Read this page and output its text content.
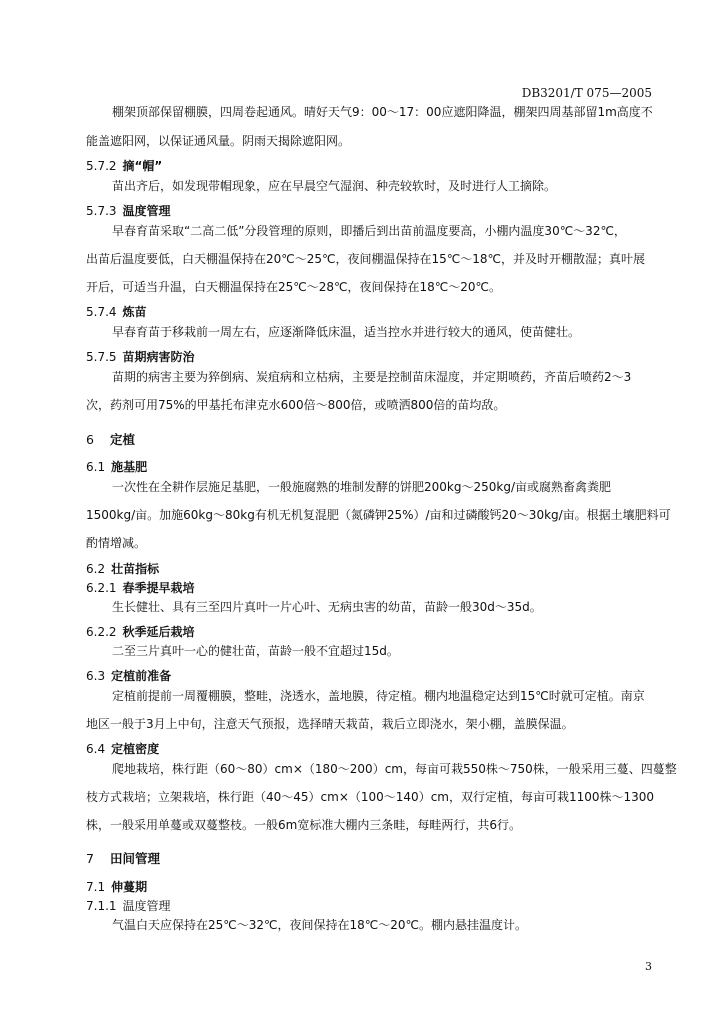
DB3201/T 075—2005
棚架顶部保留棚膜，四周卷起通风。晴好天气9：00～17：00应遮阳降温，棚架四周基部留1m高度不
能盖遮阳网，以保证通风量。阴雨天揭除遮阳网。
5.7.2 摘“帽”
苗出齐后，如发现带帽现象，应在早晨空气湿润、种壳较软时，及时进行人工摘除。
5.7.3 温度管理
早春育苗采取“二高二低”分段管理的原则，即播后到出苗前温度要高，小棚内温度30℃～32℃，
出苗后温度要低，白天棚温保持在20℃～25℃，夜间棚温保持在15℃～18℃，并及时开棚散湿；真叶展
开后，可适当升温，白天棚温保持在25℃～28℃，夜间保持在18℃～20℃。
5.7.4 炼苗
早春育苗于移栽前一周左右，应逐渐降低床温，适当控水并进行较大的通风，使苗健壮。
5.7.5 苗期病害防治
苗期的病害主要为猝倒病、炭疽病和立枯病，主要是控制苗床湿度，并定期喷药，齐苗后喷药2～3
次，药剂可用75%的甲基托布津克水600倍～800倍，或喷洒800倍的苗均敌。
6 定植
6.1 施基肥
一次性在全耕作层施足基肥，一般施腐熟的堆制发酵的饼肥200kg～250kg/亩或腐熟畜禽粪肥
1500kg/亩。加施60kg～80kg有机无机复混肥（氮磷钾25%）/亩和过磷酸钙20～30kg/亩。根据土壤肥料可
酌情增减。
6.2 壮苗指标
6.2.1 春季提早栽培
生长健壮、具有三至四片真叶一片心叶、无病虫害的幼苗，苗龄一般30d～35d。
6.2.2 秋季延后栽培
二至三片真叶一心的健壮苗，苗龄一般不宜超过15d。
6.3 定植前准备
定植前提前一周覆棚膜，整畦，浇透水，盖地膜，待定植。棚内地温稳定达到15℃时就可定植。南京
地区一般于3月上中旬，注意天气预报，选择晴天栽苗，栽后立即浇水，架小棚，盖膜保温。
6.4 定植密度
爬地栽培，株行距（60～80）cm×（180～200）cm，每亩可栽550株～750株，一般采用三蔓、四蔓整
枝方式栽培；立架栽培，株行距（40～45）cm×（100～140）cm，双行定植，每亩可栽1100株～1300
株，一般采用单蔓或双蔓整枝。一般6m宽标准大棚内三条畦，每畦两行，共6行。
7 田间管理
7.1 伸蔓期
7.1.1 温度管理
气温白天应保持在25℃～32℃，夜间保持在18℃～20℃。棚内悬挂温度计。
3
